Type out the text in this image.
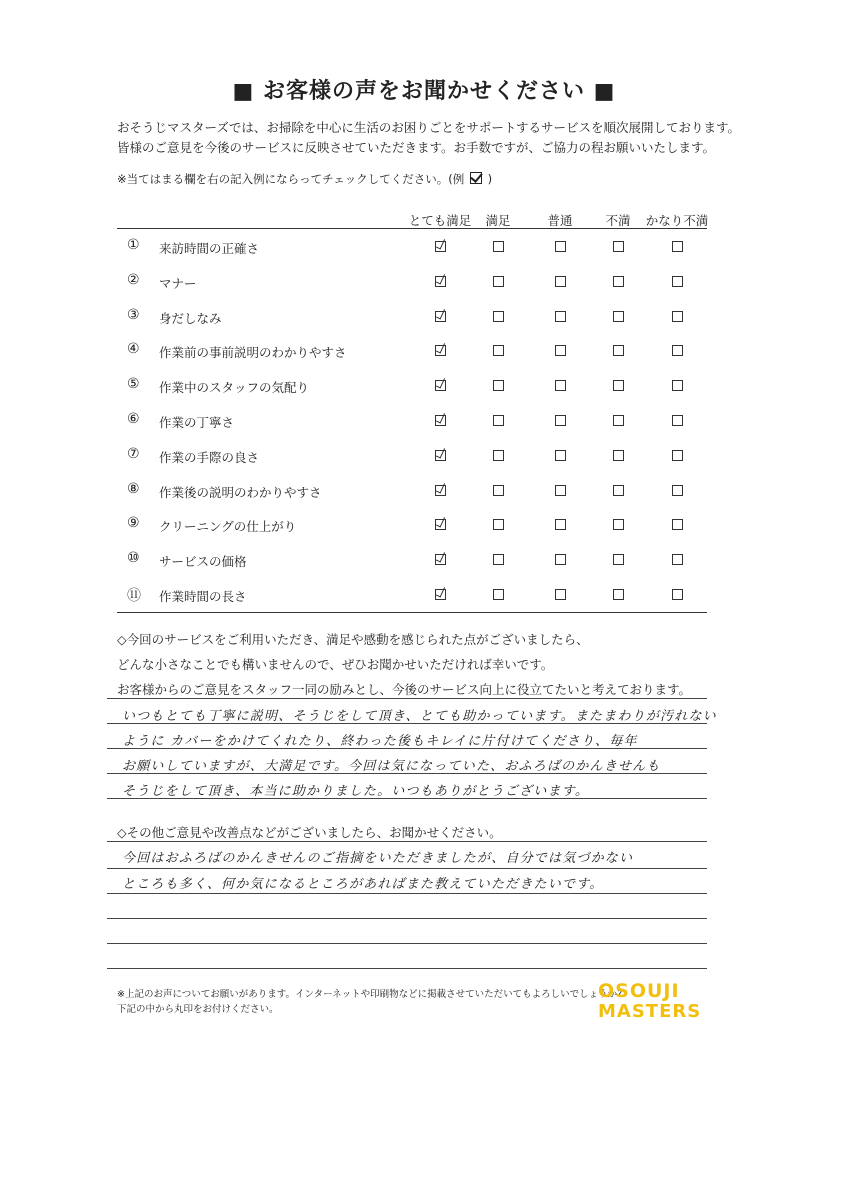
■ お客様の声をお聞かせください ■
おそうじマスターズでは、お掃除を中心に生活のお困りごとをサポートするサービスを順次展開しております。
皆様のご意見を今後のサービスに反映させていただきます。お手数ですが、ご協力の程お願いいたします。
※当てはまる欄を右の記入例にならってチェックしてください。(例 )
とても満足 満足	普通	不満 かなり不満
① 来訪時間の正確さ
② マナー
③ 身だしなみ
④ 作業前の事前説明のわかりやすさ
⑤ 作業中のスタッフの気配り
⑥ 作業の丁寧さ
⑦ 作業の手際の良さ
⑧ 作業後の説明のわかりやすさ
⑨ クリーニングの仕上がり
⑩ サービスの価格
⑪ 作業時間の長さ
◇今回のサービスをご利用いただき、満足や感動を感じられた点がございましたら、
どんな小さなことでも構いませんので、ぜひお聞かせいただければ幸いです。
お客様からのご意見をスタッフ一同の励みとし、今後のサービス向上に役立てたいと考えております。
いつもとても丁寧に説明、そうじをして頂き、とても助かっています。またまわりが汚れない
ように カバーをかけてくれたり、終わった後もキレイに片付けてくださり、毎年
お願いしていますが、大満足です。今回は気になっていた、おふろばのかんきせんも
そうじをして頂き、本当に助かりました。いつもありがとうございます。
◇その他ご意見や改善点などがございましたら、お聞かせください。
今回はおふろばのかんきせんのご指摘をいただきましたが、自分では気づかない
ところも多く、何か気になるところがあればまた教えていただきたいです。
※上記のお声についてお願いがあります。インターネットや印刷物などに掲載させていただいてもよろしいでしょうか?
下記の中から丸印をお付けください。
OSOUJI
MASTERS
